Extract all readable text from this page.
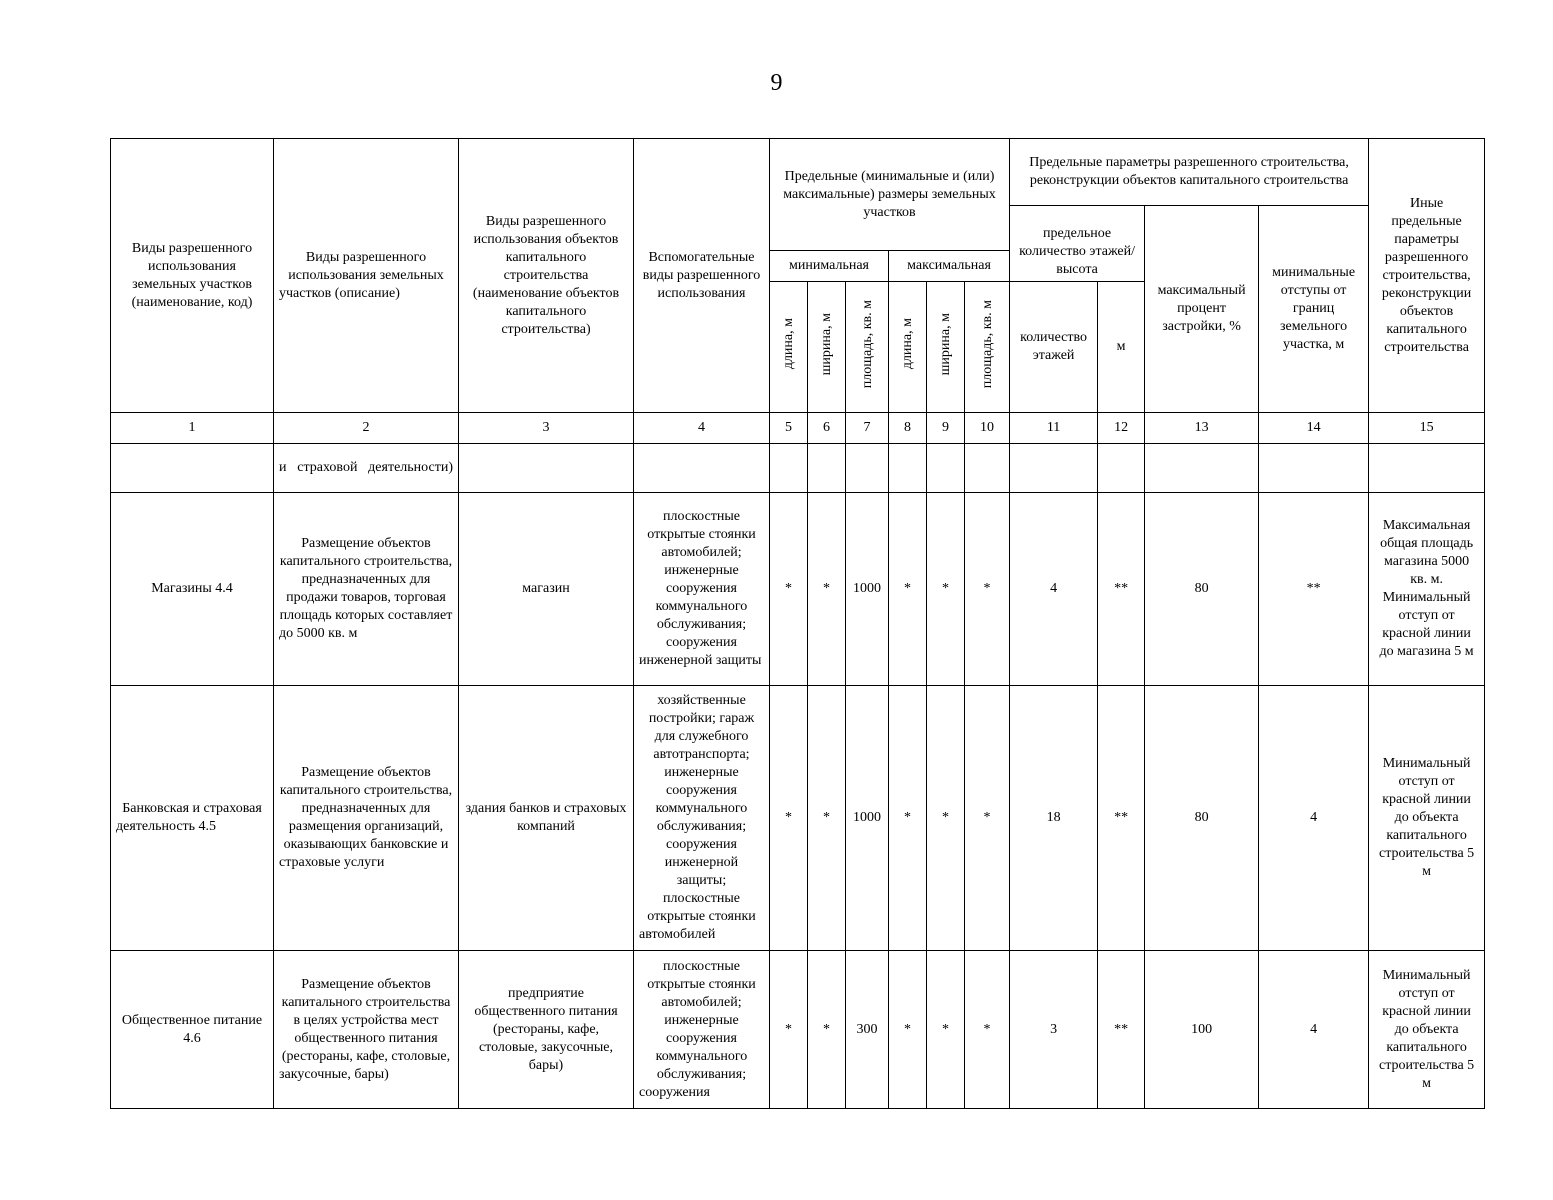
9
Виды разрешенного использования земельных участков (наименование, код)	Виды разрешенного использования земельных участков (описание)	Виды разрешенного использования объектов капитального строительства (наименование объектов капитального строительства)	Вспомогательные виды разрешенного использования	Предельные (минимальные и (или) максимальные) размеры земельных участков						Предельные параметры разрешенного строительства, реконструкции объектов капитального строительства				Иные предельные параметры разрешенного строительства, реконструкции объектов капитального строительства
										предельное количество этажей/высота		максимальный процент застройки, %	минимальные отступы от границ земельного участка, м	
				минимальная			максимальная							
				длина, м	ширина, м	площадь, кв. м	длина, м	ширина, м	площадь, кв. м	количество этажей	м			
1	2	3	4	5	6	7	8	9	10	11	12	13	14	15
	и страховой деятельности)													
Магазины 4.4	Размещение объектов капитального строительства, предназначенных для продажи товаров, торговая площадь которых составляет до 5000 кв. м	магазин	плоскостные открытые стоянки автомобилей; инженерные сооружения коммунального обслуживания; сооружения инженерной защиты	*	*	1000	*	*	*	4	**	80	**	Максимальная общая площадь магазина 5000 кв. м. Минимальный отступ от красной линии до магазина 5 м
Банковская и страховая деятельность 4.5	Размещение объектов капитального строительства, предназначенных для размещения организаций, оказывающих банковские и страховые услуги	здания банков и страховых компаний	хозяйственные постройки; гараж для служебного автотранспорта; инженерные сооружения коммунального обслуживания; сооружения инженерной защиты; плоскостные открытые стоянки автомобилей	*	*	1000	*	*	*	18	**	80	4	Минимальный отступ от красной линии до объекта капитального строительства 5 м
Общественное питание 4.6	Размещение объектов капитального строительства в целях устройства мест общественного питания (рестораны, кафе, столовые, закусочные, бары)	предприятие общественного питания (рестораны, кафе, столовые, закусочные, бары)	плоскостные открытые стоянки автомобилей; инженерные сооружения коммунального обслуживания; сооружения	*	*	300	*	*	*	3	**	100	4	Минимальный отступ от красной линии до объекта капитального строительства 5 м
